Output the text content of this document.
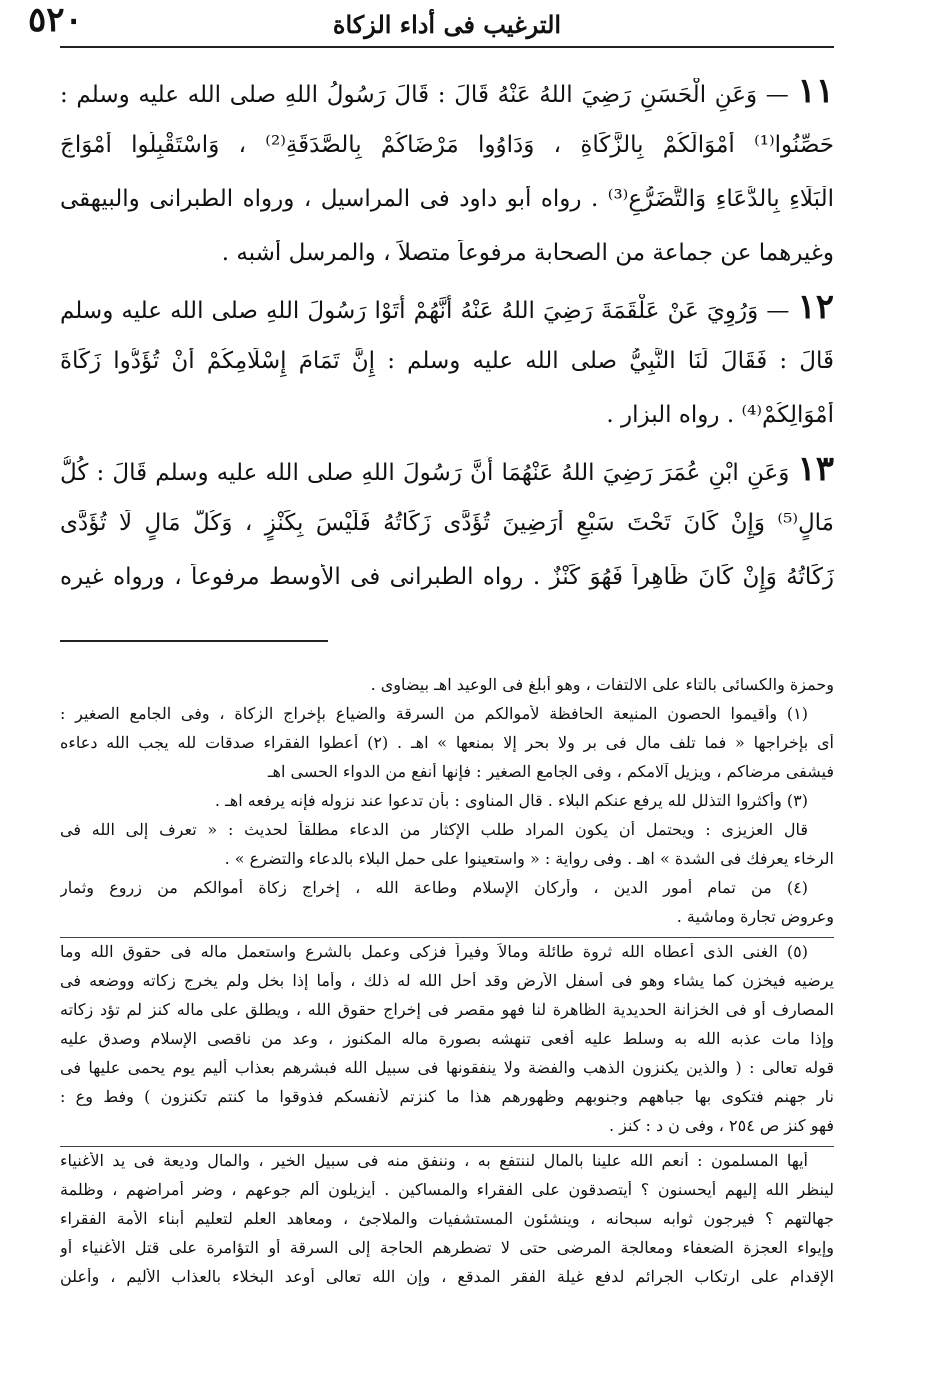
الترغيب فى أداء الزكاة
٥٢٠
١١ — وَعَنِ الْحَسَنِ رَضِيَ اللهُ عَنْهُ قَالَ : قَالَ رَسُولُ اللهِ صلى الله عليه وسلم :
حَصِّنُوا⁽¹⁾ أَمْوَالَكُمْ بِالزَّكَاةِ ، وَدَاوُوا مَرْضَاكُمْ بِالصَّدَقَةِ⁽²⁾ ، وَاسْتَقْبِلُوا أَمْوَاجَ
الْبَلَاءِ بِالدُّعَاءِ وَالتَّضَرُّعِ⁽³⁾ . رواه أبو داود فى المراسيل ، ورواه الطبرانى والبيهقى
وغيرهما عن جماعة من الصحابة مرفوعاً متصلاً ، والمرسل أشبه .
١٢ — وَرُوِيَ عَنْ عَلْقَمَةَ رَضِيَ اللهُ عَنْهُ أَنَّهُمْ أَتَوْا رَسُولَ اللهِ صلى الله عليه وسلم
قَالَ : فَقَالَ لَنَا النَّبِيُّ صلى الله عليه وسلم : إِنَّ تَمَامَ إِسْلَامِكُمْ أَنْ تُؤَدُّوا زَكَاةَ
أَمْوَالِكُمْ⁽⁴⁾ . رواه البزار .
١٣ وَعَنِ ابْنِ عُمَرَ رَضِيَ اللهُ عَنْهُمَا أَنَّ رَسُولَ اللهِ صلى الله عليه وسلم قَالَ : كُلُّ
مَالٍ⁽⁵⁾ وَإِنْ كَانَ تَحْتَ سَبْعِ أَرَضِينَ تُؤَدَّى زَكَاتُهُ فَلَيْسَ بِكَنْزٍ ، وَكُلُّ مَالٍ لَا تُؤَدَّى
زَكَاتُهُ وَإِنْ كَانَ ظَاهِراً فَهُوَ كَنْزٌ . رواه الطبرانى فى الأوسط مرفوعاً ، ورواه غيره
وحمزة والكسائى بالتاء على الالتفات ، وهو أبلغ فى الوعيد اهـ بيضاوى .
(١) وأقيموا الحصون المنيعة الحافظة لأموالكم من السرقة والضياع بإخراج الزكاة ، وفى الجامع الصغير :
أى بإخراجها « فما تلف مال فى بر ولا بحر إلا بمنعها » اهـ . (٢) أعطوا الفقراء صدقات لله يجب الله دعاءه
فيشفى مرضاكم ، ويزيل آلامكم ، وفى الجامع الصغير : فإنها أنفع من الدواء الحسى اهـ
(٣) وأكثروا التذلل لله يرفع عنكم البلاء . قال المناوى : بأن تدعوا عند نزوله فإنه يرفعه اهـ .
قال العزيزى : ويحتمل أن يكون المراد طلب الإكثار من الدعاء مطلقاً لحديث : « تعرف إلى الله فى
الرخاء يعرفك فى الشدة » اهـ . وفى رواية : « واستعينوا على حمل البلاء بالدعاء والتضرع » .
(٤) من تمام أمور الدين ، وأركان الإسلام وطاعة الله ، إخراج زكاة أموالكم من زروع وثمار
وعروض تجارة وماشية .
(٥) الغنى الذى أعطاه الله ثروة طائلة ومالاً وفيراً فزكى وعمل بالشرع واستعمل ماله فى حقوق الله وما
يرضيه فيخزن كما يشاء وهو فى أسفل الأرض وقد أحل الله له ذلك ، وأما إذا بخل ولم يخرج زكاته ووضعه فى
المصارف أو فى الخزانة الحديدية الظاهرة لنا فهو مقصر فى إخراج حقوق الله ، ويطلق على ماله كنز لم تؤد زكاته
وإذا مات عذبه الله به وسلط عليه أفعى تنهشه بصورة ماله المكنوز ، وعد من ناقصى الإسلام وصدق عليه
قوله تعالى : ( والذين يكنزون الذهب والفضة ولا ينفقونها فى سبيل الله فبشرهم بعذاب أليم يوم يحمى عليها فى
نار جهنم فتكوى بها جباههم وجنوبهم وظهورهم هذا ما كنزتم لأنفسكم فذوقوا ما كنتم تكنزون ) وفط وع :
فهو كنز ص ٢٥٤ ، وفى ن د : كنز .
أيها المسلمون : أنعم الله علينا بالمال لننتفع به ، وننفق منه فى سبيل الخير ، والمال وديعة فى يد الأغنياء
لينظر الله إليهم أيحسنون ؟ أيتصدقون على الفقراء والمساكين . أيزيلون ألم جوعهم ، وضر أمراضهم ، وظلمة
جهالتهم ؟ فيرجون ثوابه سبحانه ، وينشئون المستشفيات والملاجئ ، ومعاهد العلم لتعليم أبناء الأمة الفقراء
وإيواء العجزة الضعفاء ومعالجة المرضى حتى لا تضطرهم الحاجة إلى السرقة أو التؤامرة على قتل الأغنياء أو
الإقدام على ارتكاب الجرائم لدفع غيلة الفقر المدقع ، وإن الله تعالى أوعد البخلاء بالعذاب الأليم ، وأعلن
